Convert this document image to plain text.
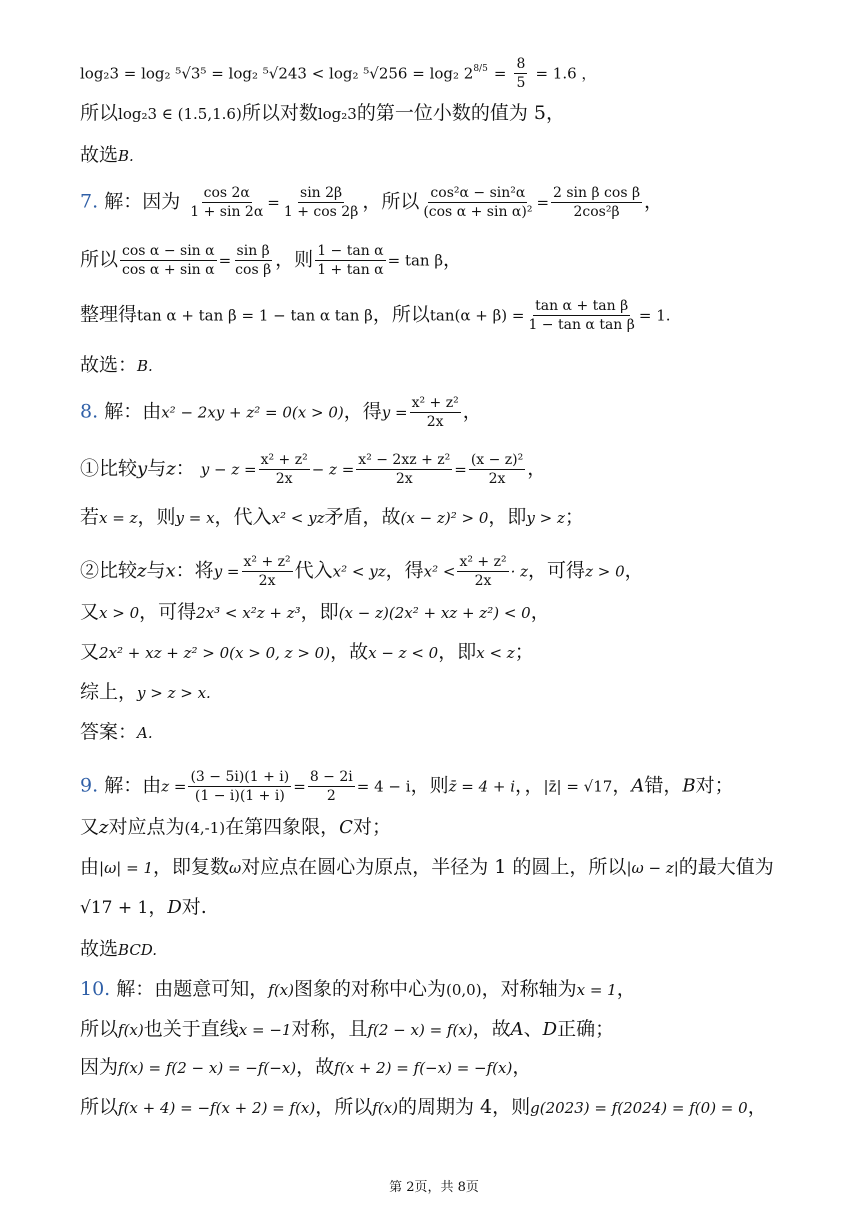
log₂3 = log₂ ⁵√3⁵ = log₂ ⁵√243 < log₂ ⁵√256 = log₂ $2^{8/5} = \frac{8}{5} = 1.6$ ，
所以log₂3 ∈ (1.5,1.6)所以对数log₂3的第一位小数的值为 5，
故选B.
7. 解：因为 $\frac{\cos 2\alpha}{1 + \sin 2\alpha} = \frac{\sin 2\beta}{1 + \cos 2\beta}$ ，所以 $\frac{\text{cos²α − sin²α}}{\text{(cos α + sin α)²}} = \frac{\text{2 sin β cos β}}{\text{2cos²β}}$ ，
所以 $\frac{\text{cos α − sin α}}{\text{cos α + sin α}} = \frac{\text{sin β}}{\text{cos β}}$ ，则 $\frac{\text{1 − tan α}}{\text{1 + tan α}} = \tan \beta$，
整理得tan α + tan β = 1 − tan α tan β，所以$\tan(\alpha + \beta) = \frac{\text{tan α + tan β}}{\text{1 − tan α tan β}} = 1$.
故选：B.
8. 解：由x² − 2xy + z² = 0(x > 0)，得$y = \frac{\text{x² + z²}}{2x}$ ，
①比较y与z： $y - z = \frac{\text{x² + z²}}{2x} - z = \frac{\text{x² − 2xz + z²}}{2x} = \frac{\text{(x − z)²}}{2x}$ ，
若x = z，则y = x，代入x² < yz矛盾，故(x − z)² > 0，即y > z；
②比较z与x：将$y = \frac{\text{x² + z²}}{2x}$ 代入x² < yz，得$x^2 < \frac{\text{x² + z²}}{2x} \cdot z$，可得z > 0，
又x > 0，可得2x³ < x²z + z³，即(x − z)(2x² + xz + z²) < 0，
又2x² + xz + z² > 0(x > 0, z > 0)，故x − z < 0，即x < z；
综上，y > z > x.
答案：A.
9. 解：由$z = \frac{(3 - 5i)(1 + i)}{(1 - i)(1 + i)} = \frac{8 - 2i}{2} = 4 - i$，则z̄ = 4 + i，，|z̄| = √17，A错，B对；
又z对应点为(4,-1)在第四象限，C对；
由|ω| = 1，即复数ω对应点在圆心为原点，半径为 1 的圆上，所以|ω − z|的最大值为
√17 + 1，D对.
故选BCD.
10. 解：由题意可知，f(x)图象的对称中心为(0,0)，对称轴为x = 1，
所以f(x)也关于直线x = −1对称，且f(2 − x) = f(x)，故A、D正确；
因为f(x) = f(2 − x) = −f(−x)，故f(x + 2) = f(−x) = −f(x)，
所以f(x + 4) = −f(x + 2) = f(x)，所以f(x)的周期为 4，则g(2023) = f(2024) = f(0) = 0，
第 2页，共 8页
